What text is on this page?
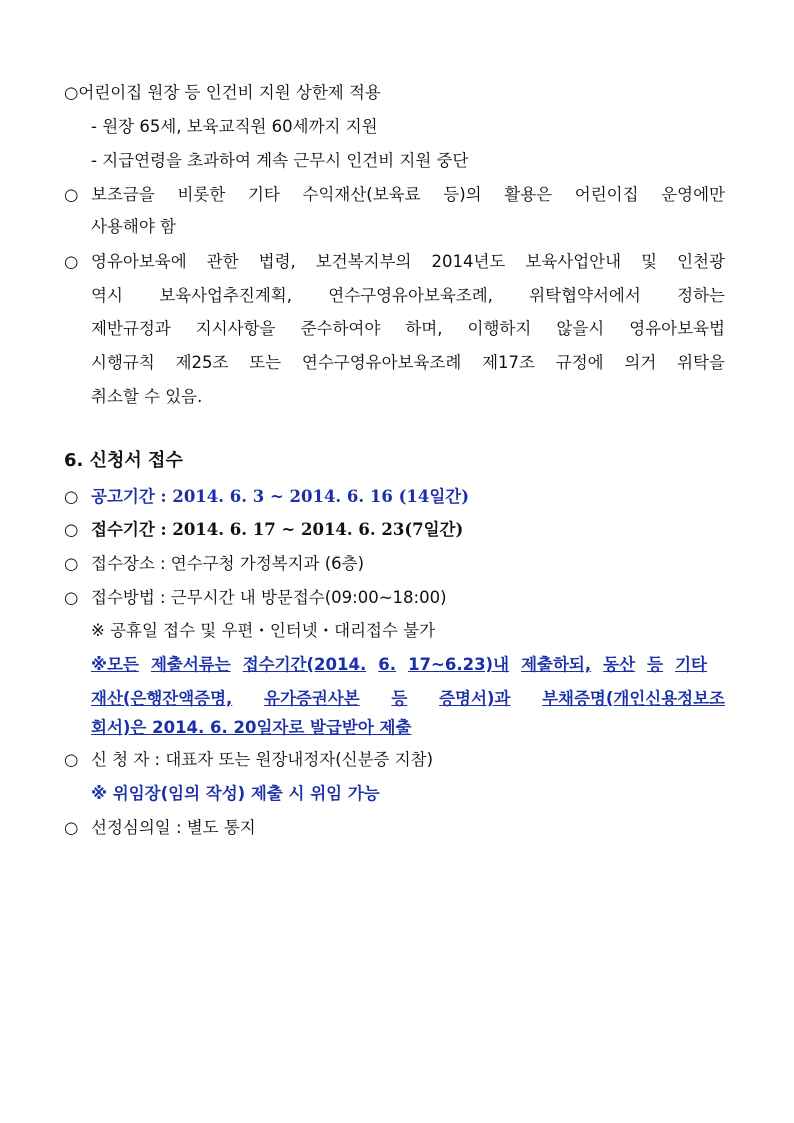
○어린이집 원장 등 인건비 지원 상한제 적용
- 원장 65세, 보육교직원 60세까지 지원
- 지급연령을 초과하여 계속 근무시 인건비 지원 중단
○ 보조금을 비롯한 기타 수익재산(보육료 등)의 활용은 어린이집 운영에만
사용해야 함
○ 영유아보육에 관한 법령, 보건복지부의 2014년도 보육사업안내 및 인천광
역시 보육사업추진계획, 연수구영유아보육조례, 위탁협약서에서 정하는
제반규정과 지시사항을 준수하여야 하며, 이행하지 않을시 영유아보육법
시행규칙 제25조 또는 연수구영유아보육조례 제17조 규정에 의거 위탁을
취소할 수 있음.
6. 신청서 접수
○ 공고기간 : 2014. 6. 3 ~ 2014. 6. 16 (14일간)
○ 접수기간 : 2014. 6. 17 ~ 2014. 6. 23(7일간)
○ 접수장소 : 연수구청 가정복지과 (6층)
○ 접수방법 : 근무시간 내 방문접수(09:00~18:00)
※ 공휴일 접수 및 우편・인터넷・대리접수 불가
※모든 제출서류는 접수기간(2014. 6. 17~6.23)내 제출하되, 동산 등 기타
재산(은행잔액증명, 유가증권사본 등 증명서)과 부채증명(개인신용정보조
회서)은 2014. 6. 20일자로 발급받아 제출
○ 신 청 자 : 대표자 또는 원장내정자(신분증 지참)
※ 위임장(임의 작성) 제출 시 위임 가능
○ 선정심의일 : 별도 통지
